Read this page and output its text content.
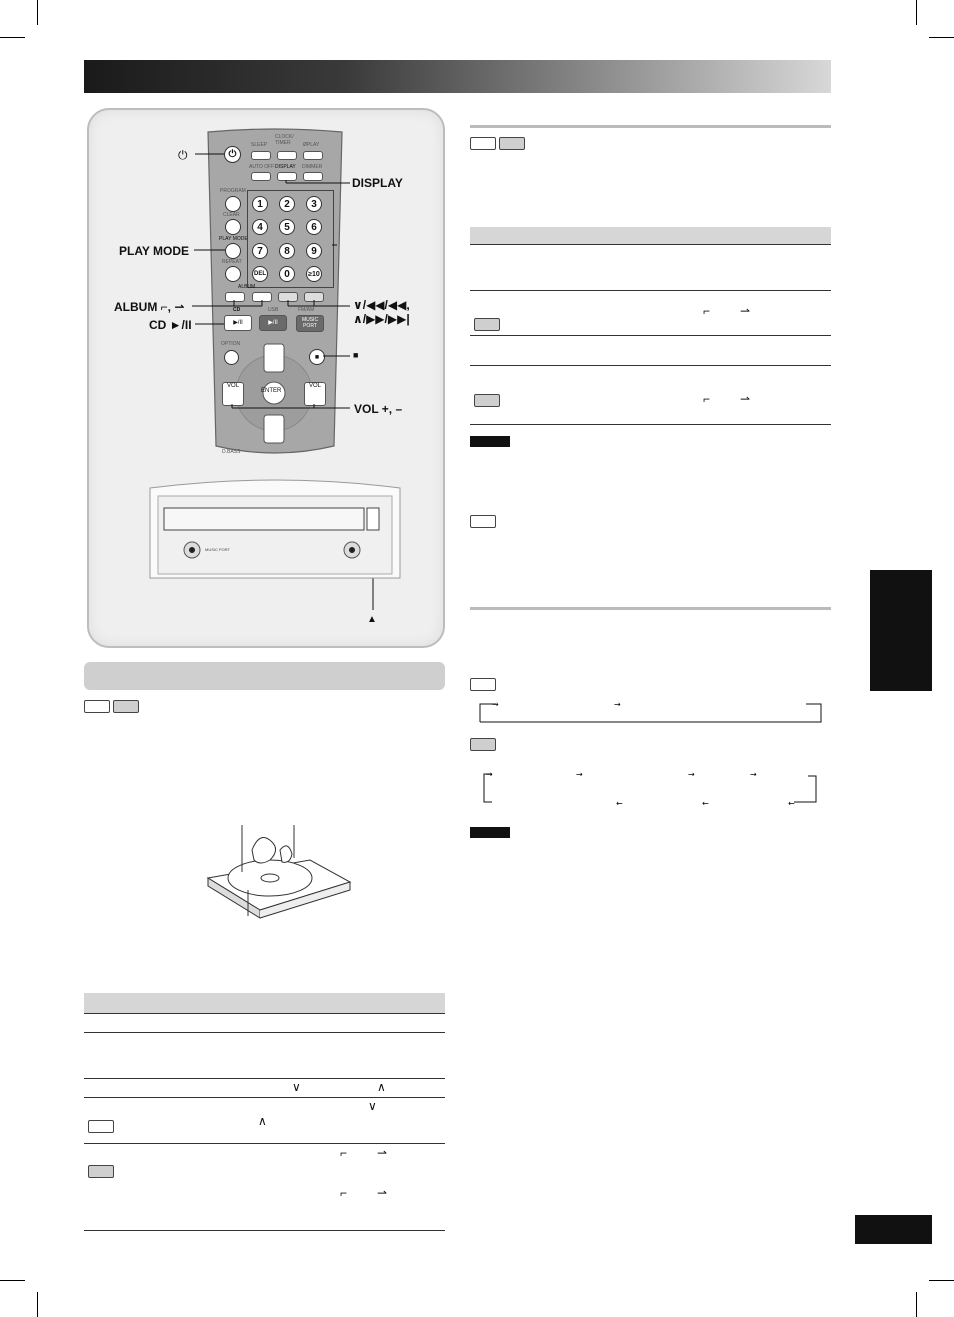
⏻
SLEEP
CLOCK/ TIMER	ØPLAY
AUTO OFF DISPLAY DIMMER
PROGRAM
CLEAR
PLAY MODE
REPEAT
1	2	3
4	5	6
7	8	9
DEL	0	≥10
ALBUM
CD	USB	FM/AM
▶/II	▶/II	MUSIC PORT
OPTION
■
VOL	VOL
ENTER
D.BASS
⏻
DISPLAY
PLAY MODE
ALBUM ⌐, ⇀	∨/◀◀/◀◀,
∧/▶▶/▶▶|
CD ►/II
■
VOL +, –
▲
MUSIC PORT
∨	∧
∨
∧
⌐ ⇀
⌐ ⇀
⌐ ⇀
⌐ ⇀
→	→
→	→	→	→
←	←	←
